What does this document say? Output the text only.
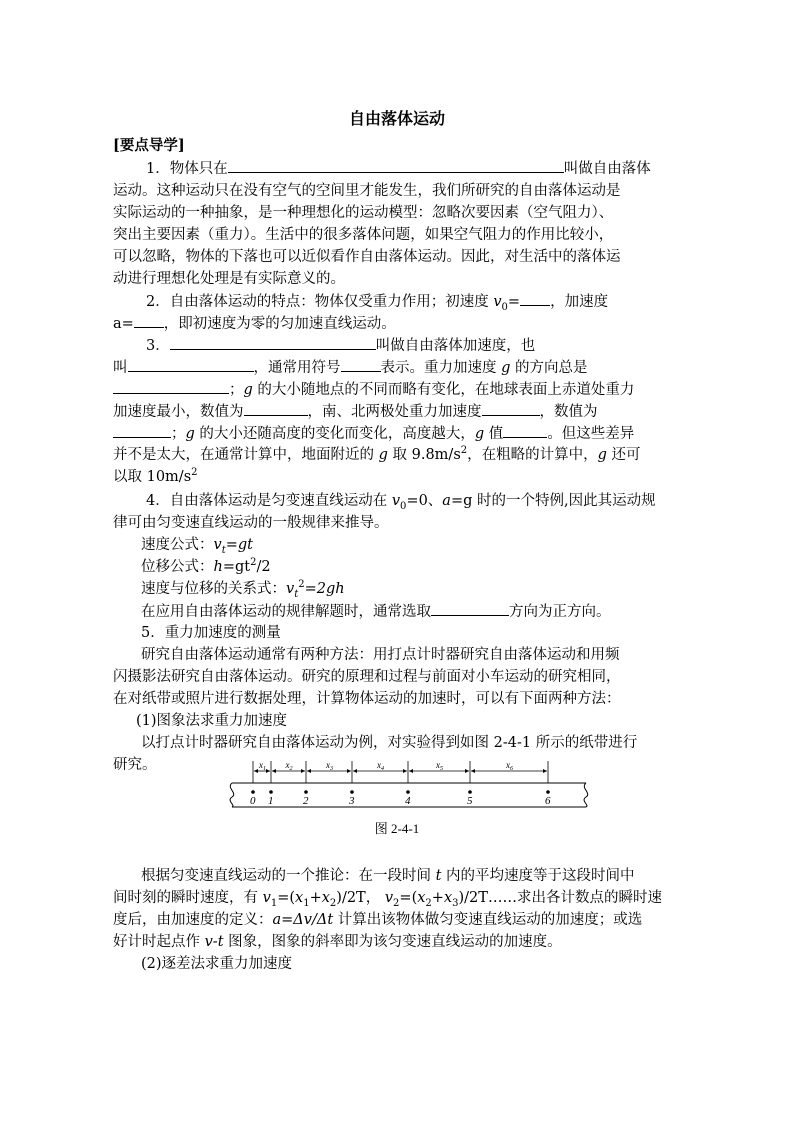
自由落体运动
[要点导学]
1．物体只在	叫做自由落体
运动。这种运动只在没有空气的空间里才能发生，我们所研究的自由落体运动是
实际运动的一种抽象，是一种理想化的运动模型：忽略次要因素（空气阻力）、
突出主要因素（重力）。生活中的很多落体问题，如果空气阻力的作用比较小，
可以忽略，物体的下落也可以近似看作自由落体运动。因此，对生活中的落体运
动进行理想化处理是有实际意义的。
2．自由落体运动的特点：物体仅受重力作用；初速度 $v_0=$ ，加速度
a= ，即初速度为零的匀加速直线运动。
3．	叫做自由落体加速度，也
叫	，通常用符号	表示。重力加速度 g 的方向总是
；g 的大小随地点的不同而略有变化，在地球表面上赤道处重力
加速度最小，数值为	，南、北两极处重力加速度	，数值为
；g 的大小还随高度的变化而变化，高度越大，g 值	。但这些差异
并不是太大，在通常计算中，地面附近的 g 取 $9.8m/s^2$，在粗略的计算中，g 还可
以取 $10m/s^2$
4．自由落体运动是匀变速直线运动在 $v_0=0$、a=g 时的一个特例,因此其运动规
律可由匀变速直线运动的一般规律来推导。
速度公式：$v_t=gt$
位移公式：$h=gt^2/2$
速度与位移的关系式：$v_t^2=2gh$
在应用自由落体运动的规律解题时，通常选取	方向为正方向。
5．重力加速度的测量
研究自由落体运动通常有两种方法：用打点计时器研究自由落体运动和用频
闪摄影法研究自由落体运动。研究的原理和过程与前面对小车运动的研究相同，
在对纸带或照片进行数据处理，计算物体运动的加速时，可以有下面两种方法：
(1)图象法求重力加速度
以打点计时器研究自由落体运动为例，对实验得到如图 2-4-1 所示的纸带进行
研究。	$x_1$ $x_2$	$x_3$	$x_4$	$x_5$	$x_6$
0 1	2	3	4	5	6
图 2-4-1
根据匀变速直线运动的一个推论：在一段时间 t 内的平均速度等于这段时间中
间时刻的瞬时速度，有 $v_1=(x_1+x_2)/2T$， $v_2=(x_2+x_3)/2T\dots\dots$求出各计数点的瞬时速
度后，由加速度的定义：a=Δv/Δt 计算出该物体做匀变速直线运动的加速度；或选
好计时起点作 v-t 图象，图象的斜率即为该匀变速直线运动的加速度。
(2)逐差法求重力加速度
